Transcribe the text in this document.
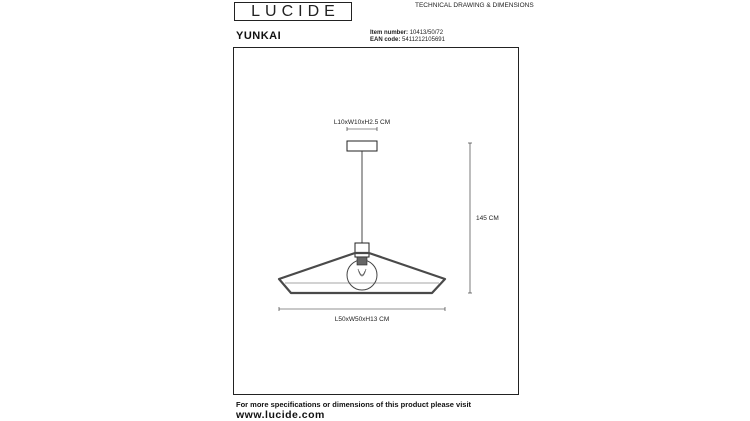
LUCIDE	TECHNICAL DRAWING & DIMENSIONS
YUNKAI	Item number: 10413/50/72
EAN code: 5411212105691
L10xW10xH2.5 CM
145 CM
L50xW50xH13 CM
For more specifications or dimensions of this product please visit
www.lucide.com
